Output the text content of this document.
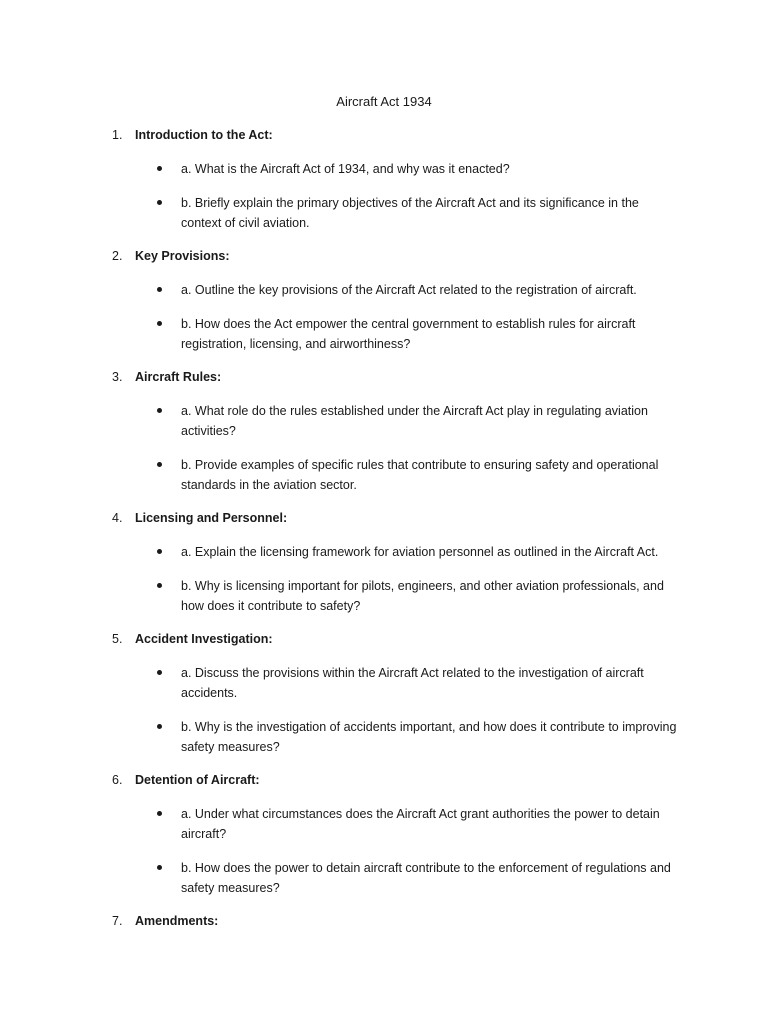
Aircraft Act 1934
1. Introduction to the Act:
a. What is the Aircraft Act of 1934, and why was it enacted?
b. Briefly explain the primary objectives of the Aircraft Act and its significance in the context of civil aviation.
2. Key Provisions:
a. Outline the key provisions of the Aircraft Act related to the registration of aircraft.
b. How does the Act empower the central government to establish rules for aircraft registration, licensing, and airworthiness?
3. Aircraft Rules:
a. What role do the rules established under the Aircraft Act play in regulating aviation activities?
b. Provide examples of specific rules that contribute to ensuring safety and operational standards in the aviation sector.
4. Licensing and Personnel:
a. Explain the licensing framework for aviation personnel as outlined in the Aircraft Act.
b. Why is licensing important for pilots, engineers, and other aviation professionals, and how does it contribute to safety?
5. Accident Investigation:
a. Discuss the provisions within the Aircraft Act related to the investigation of aircraft accidents.
b. Why is the investigation of accidents important, and how does it contribute to improving safety measures?
6. Detention of Aircraft:
a. Under what circumstances does the Aircraft Act grant authorities the power to detain aircraft?
b. How does the power to detain aircraft contribute to the enforcement of regulations and safety measures?
7. Amendments:
